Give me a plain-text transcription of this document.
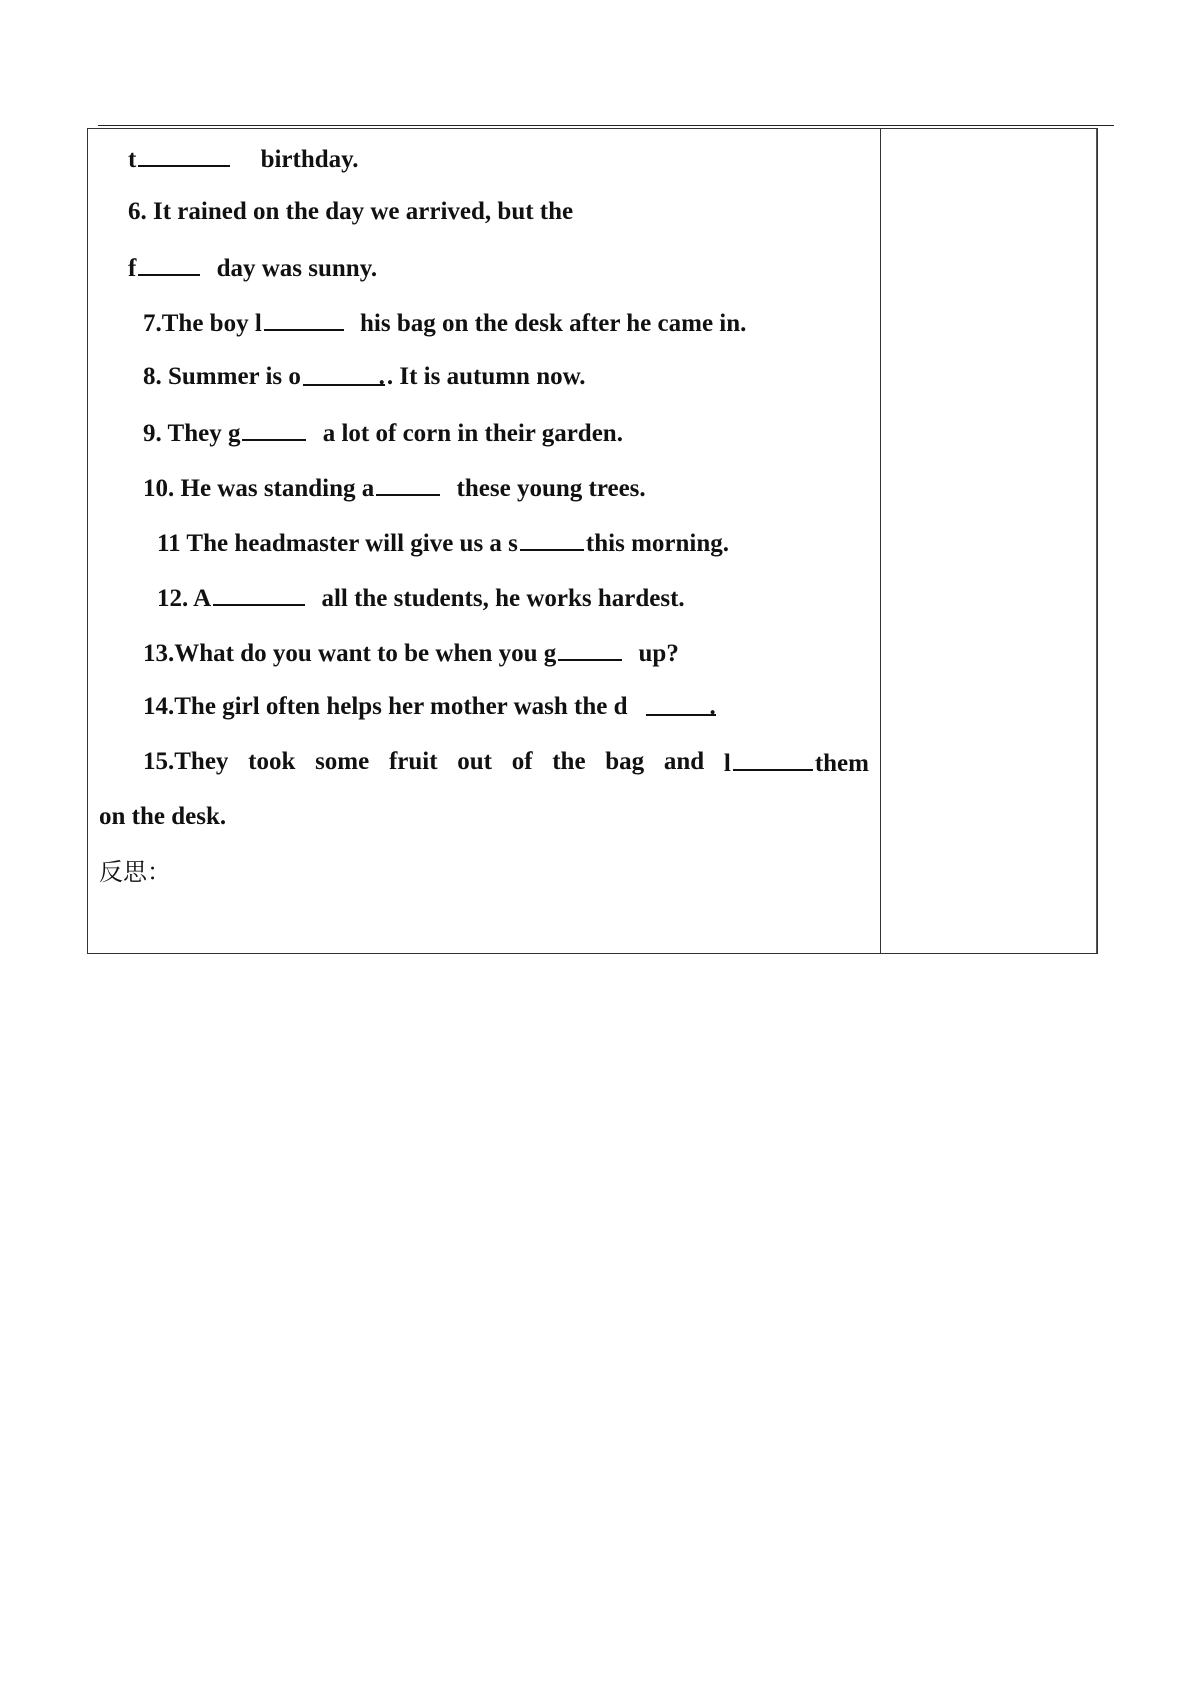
t	birthday.
6. It rained on the day we arrived, but the
f	day was sunny.
7.The boy l	his bag on the desk after he came in.
8. Summer is o	.. It is autumn now.
9. They g	a lot of corn in their garden.
10. He was standing a	these young trees.
11 The headmaster will give us a s	this morning.
12. A	all the students, he works hardest.
13.What do you want to be when you g	up?
14.The girl often helps her mother wash the d	.
15.They took some fruit out of the bag and l	them
on the desk.
反思：
